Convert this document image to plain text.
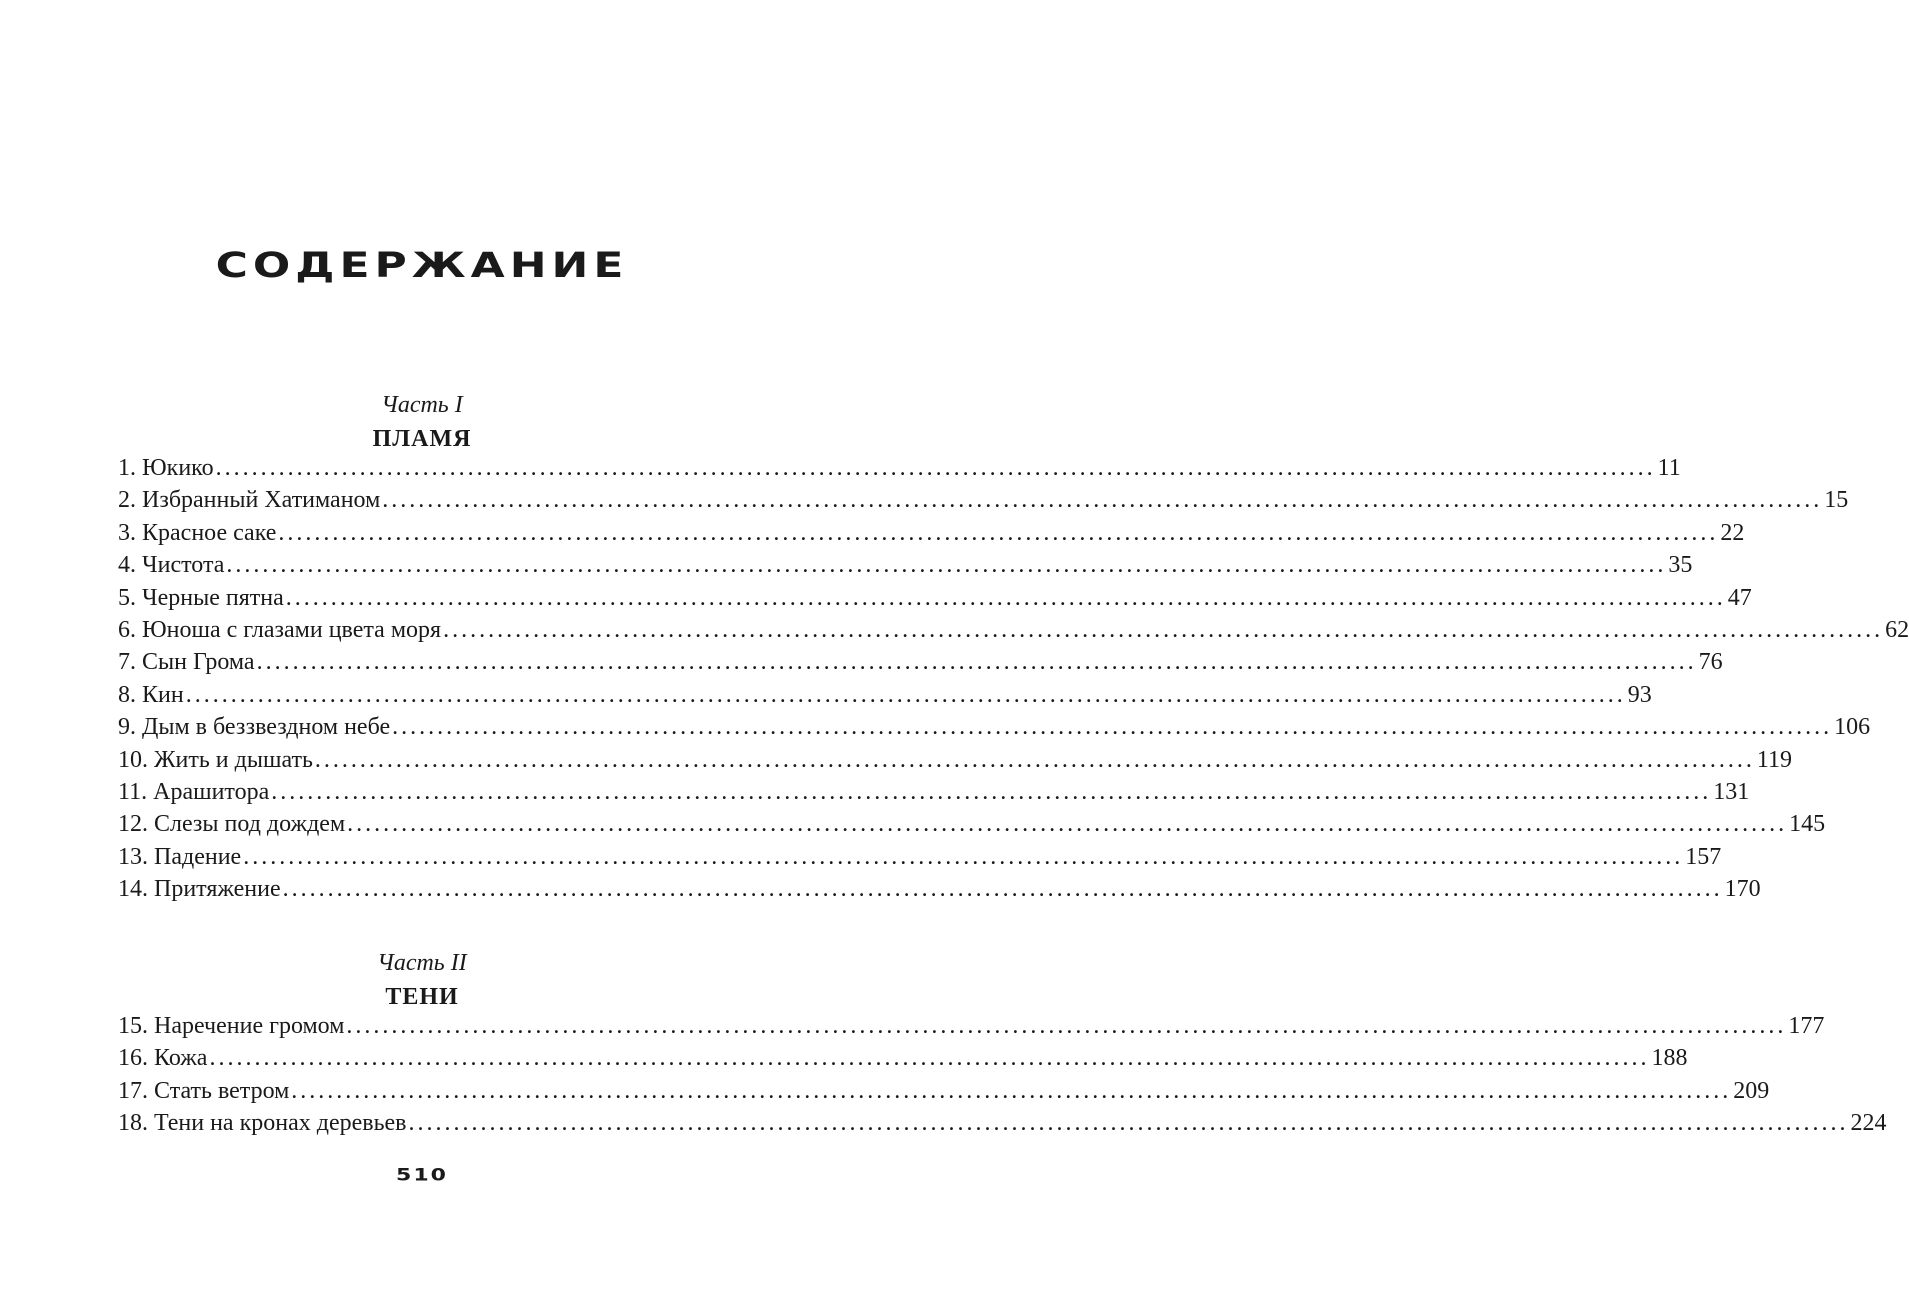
СОДЕРЖАНИЕ
Часть I
ПЛАМЯ
1. Юкико ................................................................................................................................................................ 11
2. Избранный Хатиманом ................................................................................................................................................................ 15
3. Красное саке ................................................................................................................................................................ 22
4. Чистота ................................................................................................................................................................ 35
5. Черные пятна ................................................................................................................................................................ 47
6. Юноша с глазами цвета моря ................................................................................................................................................................ 62
7. Сын Грома ................................................................................................................................................................ 76
8. Кин ................................................................................................................................................................ 93
9. Дым в беззвездном небе ................................................................................................................................................................ 106
10. Жить и дышать ................................................................................................................................................................ 119
11. Арашитора ................................................................................................................................................................ 131
12. Слезы под дождем ................................................................................................................................................................ 145
13. Падение ................................................................................................................................................................ 157
14. Притяжение ................................................................................................................................................................ 170
Часть II
ТЕНИ
15. Наречение громом ................................................................................................................................................................ 177
16. Кожа ................................................................................................................................................................ 188
17. Стать ветром ................................................................................................................................................................ 209
18. Тени на кронах деревьев ................................................................................................................................................................ 224
510
